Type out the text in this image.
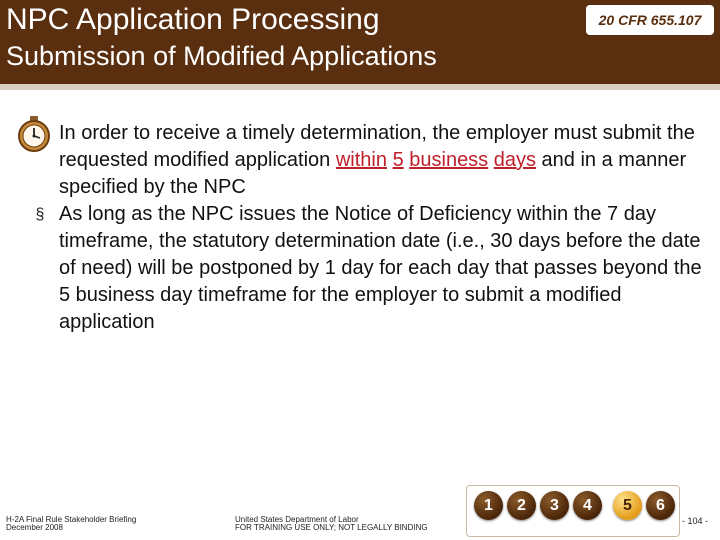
NPC Application Processing
Submission of Modified Applications
20 CFR 655.107
In order to receive a timely determination, the employer must submit the requested modified application within 5 business days and in a manner specified by the NPC
§ As long as the NPC issues the Notice of Deficiency within the 7 day timeframe, the statutory determination date (i.e., 30 days before the date of need) will be postponed by 1 day for each day that passes beyond the 5 business day timeframe for the employer to submit a modified application
H-2A Final Rule Stakeholder Briefing
December 2008
United States Department of Labor
FOR TRAINING USE ONLY; NOT LEGALLY BINDING
- 104 -
1	2	3	4	5	6
